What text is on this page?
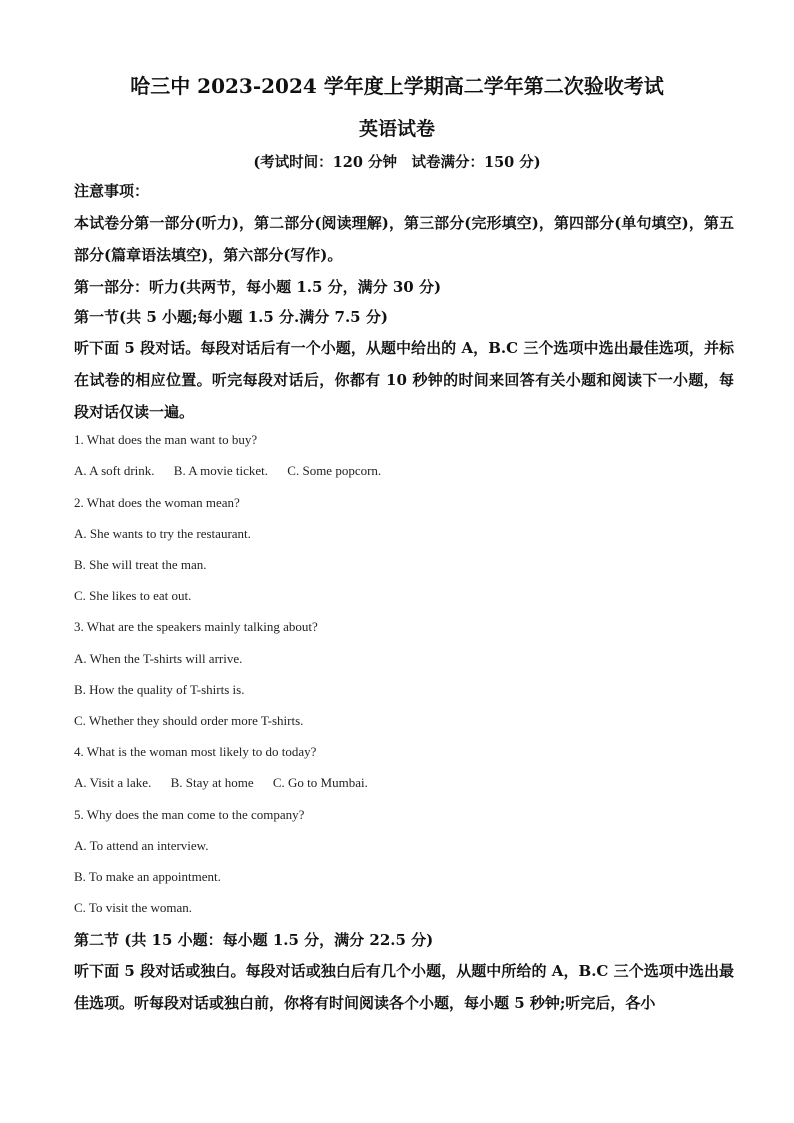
哈三中 2023-2024 学年度上学期高二学年第二次验收考试
英语试卷
(考试时间：120 分钟　试卷满分：150 分)
注意事项：
本试卷分第一部分(听力)，第二部分(阅读理解)，第三部分(完形填空)，第四部分(单句填空)，第五部分(篇章语法填空)，第六部分(写作)。
第一部分：听力(共两节，每小题 1.5 分，满分 30 分)
第一节(共 5 小题;每小题 1.5 分.满分 7.5 分)
听下面 5 段对话。每段对话后有一个小题，从题中给出的 A，B.C 三个选项中选出最佳选项，并标在试卷的相应位置。听完每段对话后，你都有 10 秒钟的时间来回答有关小题和阅读下一小题，每段对话仅读一遍。
1. What does the man want to buy?
A. A soft drink. B. A movie ticket. C. Some popcorn.
2. What does the woman mean?
A. She wants to try the restaurant.
B. She will treat the man.
C. She likes to eat out.
3. What are the speakers mainly talking about?
A. When the T-shirts will arrive.
B. How the quality of T-shirts is.
C. Whether they should order more T-shirts.
4. What is the woman most likely to do today?
A. Visit a lake. B. Stay at home C. Go to Mumbai.
5. Why does the man come to the company?
A. To attend an interview.
B. To make an appointment.
C. To visit the woman.
第二节 (共 15 小题：每小题 1.5 分，满分 22.5 分)
听下面 5 段对话或独白。每段对话或独白后有几个小题，从题中所给的 A，B.C 三个选项中选出最佳选项。听每段对话或独白前，你将有时间阅读各个小题，每小题 5 秒钟;听完后，各小
